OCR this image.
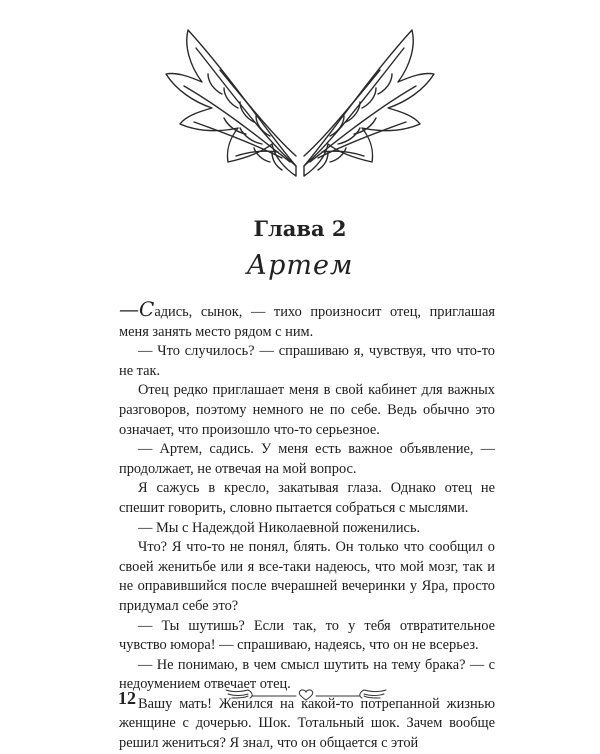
Глава 2
Артем

—Садись, сынок, — тихо произносит отец, приглашая меня занять место рядом с ним.

— Что случилось? — спрашиваю я, чувствуя, что что-то не так.

Отец редко приглашает меня в свой кабинет для важных разговоров, поэтому немного не по себе. Ведь обычно это означает, что произошло что-то серьезное.

— Артем, садись. У меня есть важное объявление, — продолжает, не отвечая на мой вопрос.

Я сажусь в кресло, закатывая глаза. Однако отец не спешит говорить, словно пытается собраться с мыслями.

— Мы с Надеждой Николаевной поженились.

Что? Я что-то не понял, блять. Он только что сообщил о своей женитьбе или я все-таки надеюсь, что мой мозг, так и не оправившийся после вчерашней вечеринки у Яра, просто придумал себе это?

— Ты шутишь? Если так, то у тебя отвратительное чувство юмора! — спрашиваю, надеясь, что он не всерьез.

— Не понимаю, в чем смысл шутить на тему брака? — с недоумением отвечает отец.

Вашу мать! Женился на какой-то потрепанной жизнью женщине с дочерью. Шок. Тотальный шок. Зачем вообще решил жениться? Я знал, что он общается с этой

12
